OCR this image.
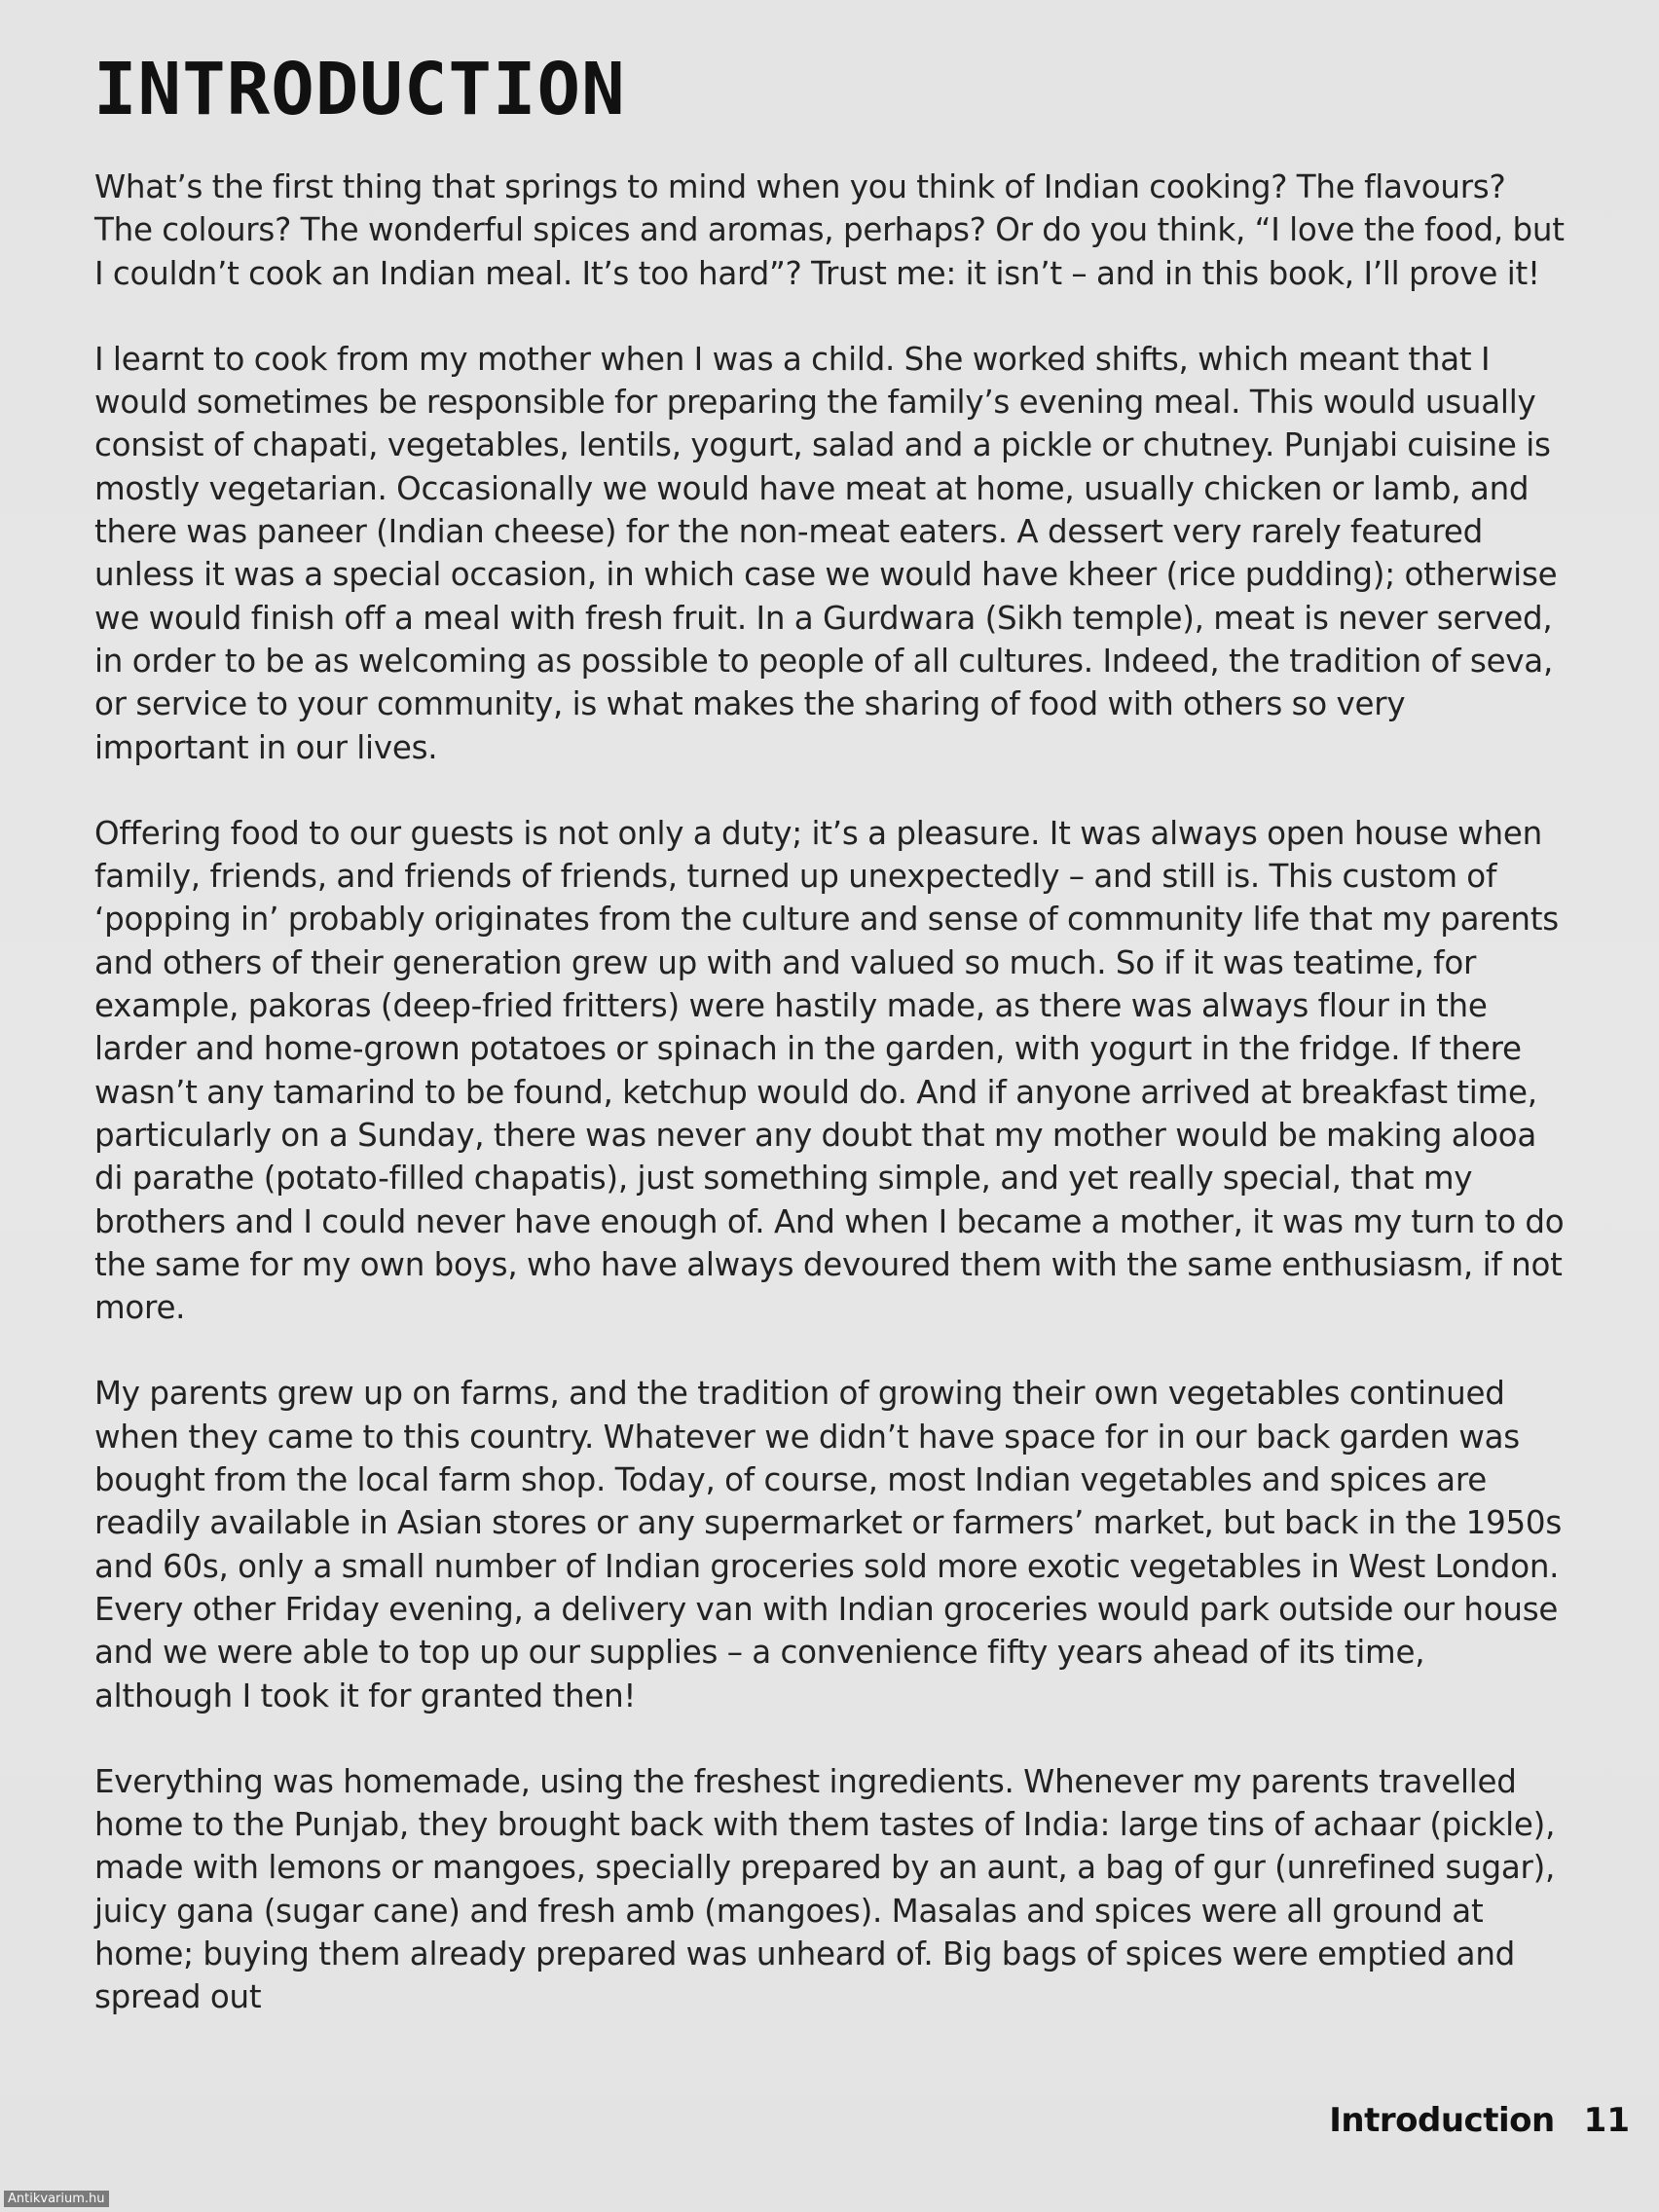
INTRODUCTION

What’s the first thing that springs to mind when you think of Indian cooking? The flavours? The colours? The wonderful spices and aromas, perhaps? Or do you think, “I love the food, but I couldn’t cook an Indian meal. It’s too hard”? Trust me: it isn’t – and in this book, I’ll prove it!

I learnt to cook from my mother when I was a child. She worked shifts, which meant that I would sometimes be responsible for preparing the family’s evening meal. This would usually consist of chapati, vegetables, lentils, yogurt, salad and a pickle or chutney. Punjabi cuisine is mostly vegetarian. Occasionally we would have meat at home, usually chicken or lamb, and there was paneer (Indian cheese) for the non-meat eaters. A dessert very rarely featured unless it was a special occasion, in which case we would have kheer (rice pudding); otherwise we would finish off a meal with fresh fruit. In a Gurdwara (Sikh temple), meat is never served, in order to be as welcoming as possible to people of all cultures. Indeed, the tradition of seva, or service to your community, is what makes the sharing of food with others so very important in our lives.

Offering food to our guests is not only a duty; it’s a pleasure. It was always open house when family, friends, and friends of friends, turned up unexpectedly – and still is. This custom of ‘popping in’ probably originates from the culture and sense of community life that my parents and others of their generation grew up with and valued so much. So if it was teatime, for example, pakoras (deep-fried fritters) were hastily made, as there was always flour in the larder and home-grown potatoes or spinach in the garden, with yogurt in the fridge. If there wasn’t any tamarind to be found, ketchup would do. And if anyone arrived at breakfast time, particularly on a Sunday, there was never any doubt that my mother would be making alooa di parathe (potato-filled chapatis), just something simple, and yet really special, that my brothers and I could never have enough of. And when I became a mother, it was my turn to do the same for my own boys, who have always devoured them with the same enthusiasm, if not more.

My parents grew up on farms, and the tradition of growing their own vegetables continued when they came to this country. Whatever we didn’t have space for in our back garden was bought from the local farm shop. Today, of course, most Indian vegetables and spices are readily available in Asian stores or any supermarket or farmers’ market, but back in the 1950s and 60s, only a small number of Indian groceries sold more exotic vegetables in West London. Every other Friday evening, a delivery van with Indian groceries would park outside our house and we were able to top up our supplies – a convenience fifty years ahead of its time, although I took it for granted then!

Everything was homemade, using the freshest ingredients. Whenever my parents travelled home to the Punjab, they brought back with them tastes of India: large tins of achaar (pickle), made with lemons or mangoes, specially prepared by an aunt, a bag of gur (unrefined sugar), juicy gana (sugar cane) and fresh amb (mangoes). Masalas and spices were all ground at home; buying them already prepared was unheard of. Big bags of spices were emptied and spread out

Introduction 11
Antikvarium.hu
